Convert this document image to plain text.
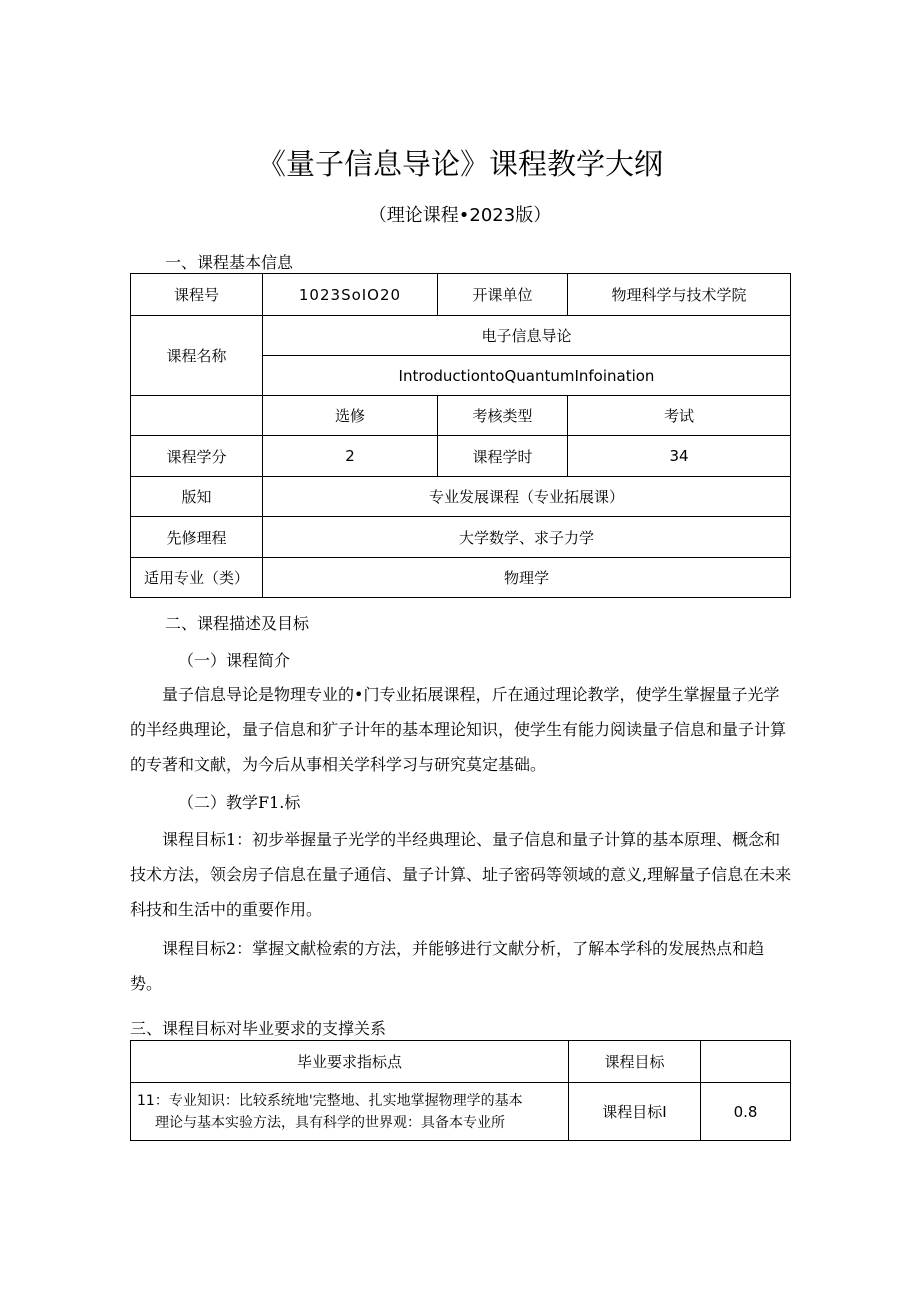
《量子信息导论》课程教学大纲
（理论课程•2023版）
一、课程基本信息
课程号	1023SoIO20	开课单位	物理科学与技术学院
课程名称	电子信息导论		
	IntroductiontoQuantumInfoination		
	选修	考核类型	考试
课程学分	2	课程学时	34
版知	专业发展课程（专业拓展课）		
先修理程	大学数学、求子力学		
适用专业（类）	物理学		
二、课程描述及目标
（一）课程简介
量子信息导论是物理专业的•门专业拓展课程，斤在通过理论教学，使学生掌握量子光学的半经典理论，量子信息和犷子计年的基本理论知识，使学生有能力阅读量子信息和量子计算的专著和文献，为今后从事相关学科学习与研究莫定基础。
（二）教学F1.标
课程目标1：初步举握量子光学的半经典理论、量子信息和量子计算的基本原理、概念和技术方法，领会房子信息在量子通信、量子计算、址子密码等领域的意义,理解量子信息在未来科技和生活中的重要作用。
课程目标2：掌握文献检索的方法，并能够进行文献分析，了解本学科的发展热点和趋势。
三、课程目标对毕业要求的支撑关系
毕业要求指标点	课程目标	

11：专业知识：比较系统地'完整地、扎实地掌握物理学的基本
理论与基本实验方法，具有科学的世界观：具备本专业所	课程目标I	0.8
